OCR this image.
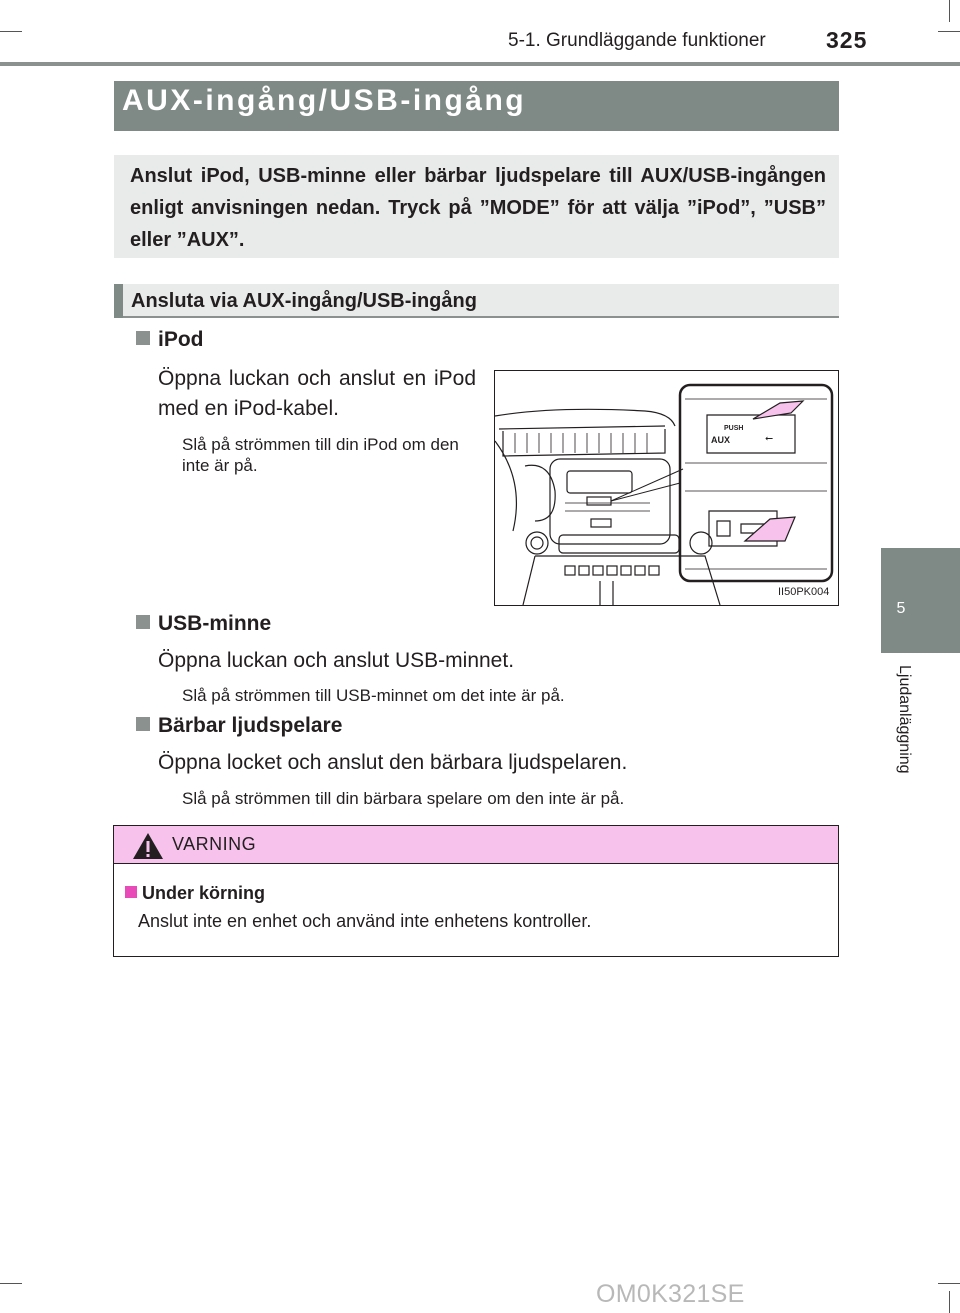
5-1. Grundläggande funktioner	325
5
Ljudanläggning
AUX-ingång/USB-ingång
Anslut iPod, USB-minne eller bärbar ljudspelare till AUX/USB-ingången enligt anvisningen nedan. Tryck på ”MODE” för att välja ”iPod”, ”USB” eller ”AUX”.
Ansluta via AUX-ingång/USB-ingång
iPod
Öppna luckan och anslut en iPod med en iPod-kabel.
Slå på strömmen till din iPod om den inte är på.
PUSH
AUX	⭠
II50PK004
USB-minne
Öppna luckan och anslut USB-minnet.
Slå på strömmen till USB-minnet om det inte är på.
Bärbar ljudspelare
Öppna locket och anslut den bärbara ljudspelaren.
Slå på strömmen till din bärbara spelare om den inte är på.
VARNING
Under körning
Anslut inte en enhet och använd inte enhetens kontroller.
OM0K321SE
